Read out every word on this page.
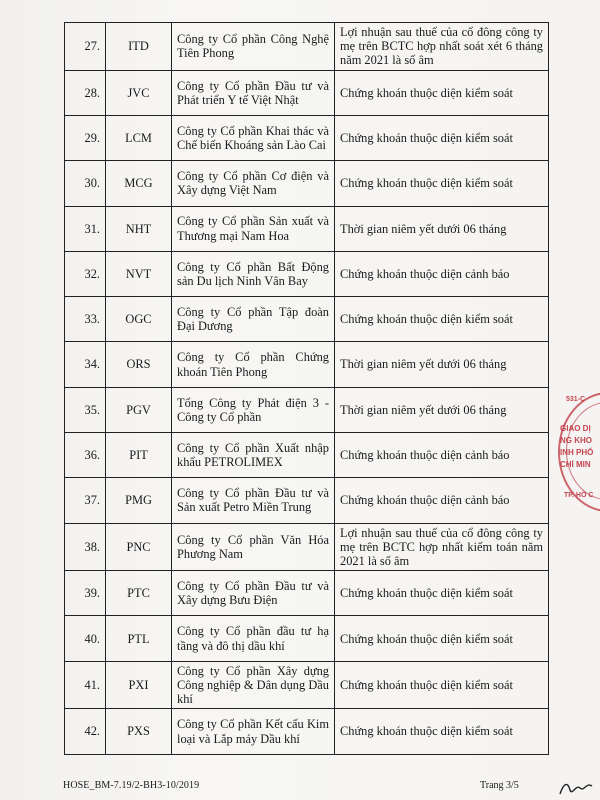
27.	ITD	Công ty Cổ phần Công Nghệ Tiên Phong	Lợi nhuận sau thuế của cổ đông công ty mẹ trên BCTC hợp nhất soát xét 6 tháng năm 2021 là số âm
28.	JVC	Công ty Cổ phần Đầu tư và Phát triển Y tế Việt Nhật	Chứng khoán thuộc diện kiểm soát
29.	LCM	Công ty Cổ phần Khai thác và Chế biến Khoáng sản Lào Cai	Chứng khoán thuộc diện kiểm soát
30.	MCG	Công ty Cổ phần Cơ điện và Xây dựng Việt Nam	Chứng khoán thuộc diện kiểm soát
31.	NHT	Công ty Cổ phần Sản xuất và Thương mại Nam Hoa	Thời gian niêm yết dưới 06 tháng
32.	NVT	Công ty Cổ phần Bất Động sản Du lịch Ninh Vân Bay	Chứng khoán thuộc diện cảnh báo
33.	OGC	Công ty Cổ phần Tập đoàn Đại Dương	Chứng khoán thuộc diện kiểm soát
34.	ORS	Công ty Cổ phần Chứng khoán Tiên Phong	Thời gian niêm yết dưới 06 tháng
35.	PGV	Tổng Công ty Phát điện 3 - Công ty Cổ phần	Thời gian niêm yết dưới 06 tháng
36.	PIT	Công ty Cổ phần Xuất nhập khẩu PETROLIMEX	Chứng khoán thuộc diện cảnh báo
37.	PMG	Công ty Cổ phần Đầu tư và Sản xuất Petro Miền Trung	Chứng khoán thuộc diện cảnh báo
38.	PNC	Công ty Cổ phần Văn Hóa Phương Nam	Lợi nhuận sau thuế của cổ đông công ty mẹ trên BCTC hợp nhất kiểm toán năm 2021 là số âm
39.	PTC	Công ty Cổ phần Đầu tư và Xây dựng Bưu Điện	Chứng khoán thuộc diện kiểm soát
40.	PTL	Công ty Cổ phần đầu tư hạ tầng và đô thị dầu khí	Chứng khoán thuộc diện kiểm soát
41.	PXI	Công ty Cổ phần Xây dựng Công nghiệp & Dân dụng Dầu khí	Chứng khoán thuộc diện kiểm soát
42.	PXS	Công ty Cổ phần Kết cấu Kim loại và Lắp máy Dầu khí	Chứng khoán thuộc diện kiểm soát
531-C
GIAO DỊ
NG KHO
INH PHỐ
CHÍ MIN
TP. HỒ C
HOSE_BM-7.19/2-BH3-10/2019	Trang 3/5
